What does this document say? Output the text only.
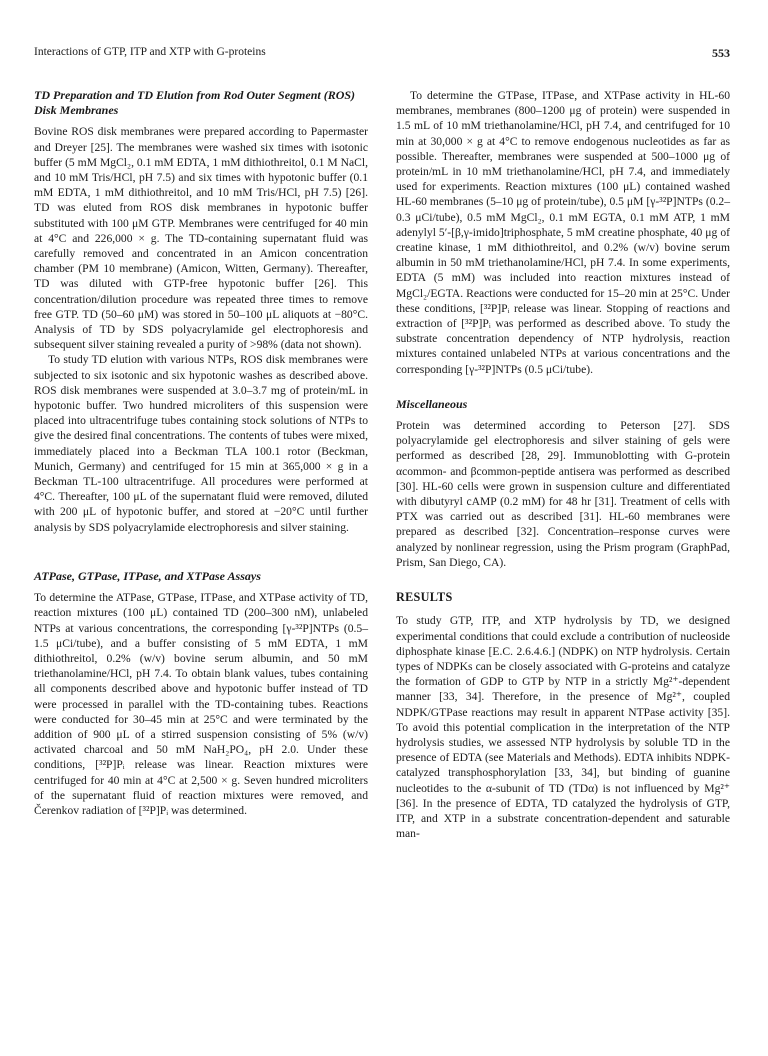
Interactions of GTP, ITP and XTP with G-proteins	553
TD Preparation and TD Elution from Rod Outer Segment (ROS) Disk Membranes

Bovine ROS disk membranes were prepared according to Papermaster and Dreyer [25]. The membranes were washed six times with isotonic buffer (5 mM MgCl₂, 0.1 mM EDTA, 1 mM dithiothreitol, 0.1 M NaCl, and 10 mM Tris/HCl, pH 7.5) and six times with hypotonic buffer (0.1 mM EDTA, 1 mM dithiothreitol, and 10 mM Tris/HCl, pH 7.5) [26]. TD was eluted from ROS disk membranes in hypotonic buffer substituted with 100 μM GTP. Membranes were centrifuged for 40 min at 4°C and 226,000 × g. The TD-containing supernatant fluid was carefully removed and concentrated in an Amicon concentration chamber (PM 10 membrane) (Amicon, Witten, Germany). Thereafter, TD was diluted with GTP-free hypotonic buffer [26]. This concentration/dilution procedure was repeated three times to remove free GTP. TD (50–60 μM) was stored in 50–100 μL aliquots at −80°C. Analysis of TD by SDS polyacrylamide gel electrophoresis and subsequent silver staining revealed a purity of >98% (data not shown).

To study TD elution with various NTPs, ROS disk membranes were subjected to six isotonic and six hypotonic washes as described above. ROS disk membranes were suspended at 3.0–3.7 mg of protein/mL in hypotonic buffer. Two hundred microliters of this suspension were placed into ultracentrifuge tubes containing stock solutions of NTPs to give the desired final concentrations. The contents of tubes were mixed, immediately placed into a Beckman TLA 100.1 rotor (Beckman, Munich, Germany) and centrifuged for 15 min at 365,000 × g in a Beckman TL-100 ultracentrifuge. All procedures were performed at 4°C. Thereafter, 100 μL of the supernatant fluid were removed, diluted with 200 μL of hypotonic buffer, and stored at −20°C until further analysis by SDS polyacrylamide electrophoresis and silver staining.

ATPase, GTPase, ITPase, and XTPase Assays

To determine the ATPase, GTPase, ITPase, and XTPase activity of TD, reaction mixtures (100 μL) contained TD (200–300 nM), unlabeled NTPs at various concentrations, the corresponding [γ-³²P]NTPs (0.5–1.5 μCi/tube), and a buffer consisting of 5 mM EDTA, 1 mM dithiothreitol, 0.2% (w/v) bovine serum albumin, and 50 mM triethanolamine/HCl, pH 7.4. To obtain blank values, tubes containing all components described above and hypotonic buffer instead of TD were processed in parallel with the TD-containing tubes. Reactions were conducted for 30–45 min at 25°C and were terminated by the addition of 900 μL of a stirred suspension consisting of 5% (w/v) activated charcoal and 50 mM NaH₂PO₄, pH 2.0. Under these conditions, [³²P]Pᵢ release was linear. Reaction mixtures were centrifuged for 40 min at 4°C at 2,500 × g. Seven hundred microliters of the supernatant fluid of reaction mixtures were removed, and Čerenkov radiation of [³²P]Pᵢ was determined.

To determine the GTPase, ITPase, and XTPase activity in HL-60 membranes, membranes (800–1200 μg of protein) were suspended in 1.5 mL of 10 mM triethanolamine/HCl, pH 7.4, and centrifuged for 10 min at 30,000 × g at 4°C to remove endogenous nucleotides as far as possible. Thereafter, membranes were suspended at 500–1000 μg of protein/mL in 10 mM triethanolamine/HCl, pH 7.4, and immediately used for experiments. Reaction mixtures (100 μL) contained washed HL-60 membranes (5–10 μg of protein/tube), 0.5 μM [γ-³²P]NTPs (0.2–0.3 μCi/tube), 0.5 mM MgCl₂, 0.1 mM EGTA, 0.1 mM ATP, 1 mM adenylyl 5′-[β,γ-imido]triphosphate, 5 mM creatine phosphate, 40 μg of creatine kinase, 1 mM dithiothreitol, and 0.2% (w/v) bovine serum albumin in 50 mM triethanolamine/HCl, pH 7.4. In some experiments, EDTA (5 mM) was included into reaction mixtures instead of MgCl₂/EGTA. Reactions were conducted for 15–20 min at 25°C. Under these conditions, [³²P]Pᵢ release was linear. Stopping of reactions and extraction of [³²P]Pᵢ was performed as described above. To study the substrate concentration dependency of NTP hydrolysis, reaction mixtures contained unlabeled NTPs at various concentrations and the corresponding [γ-³²P]NTPs (0.5 μCi/tube).

Miscellaneous

Protein was determined according to Peterson [27]. SDS polyacrylamide gel electrophoresis and silver staining of gels were performed as described [28, 29]. Immunoblotting with G-protein αcommon- and βcommon-peptide antisera was performed as described [30]. HL-60 cells were grown in suspension culture and differentiated with dibutyryl cAMP (0.2 mM) for 48 hr [31]. Treatment of cells with PTX was carried out as described [31]. HL-60 membranes were prepared as described [32]. Concentration–response curves were analyzed by nonlinear regression, using the Prism program (GraphPad, Prism, San Diego, CA).

RESULTS

To study GTP, ITP, and XTP hydrolysis by TD, we designed experimental conditions that could exclude a contribution of nucleoside diphosphate kinase [E.C. 2.6.4.6.] (NDPK) on NTP hydrolysis. Certain types of NDPKs can be closely associated with G-proteins and catalyze the formation of GDP to GTP by NTP in a strictly Mg²⁺-dependent manner [33, 34]. Therefore, in the presence of Mg²⁺, coupled NDPK/GTPase reactions may result in apparent NTPase activity [35]. To avoid this potential complication in the interpretation of the NTP hydrolysis studies, we assessed NTP hydrolysis by soluble TD in the presence of EDTA (see Materials and Methods). EDTA inhibits NDPK-catalyzed transphosphorylation [33, 34], but binding of guanine nucleotides to the α-subunit of TD (TDα) is not influenced by Mg²⁺ [36]. In the presence of EDTA, TD catalyzed the hydrolysis of GTP, ITP, and XTP in a substrate concentration-dependent and saturable man-
